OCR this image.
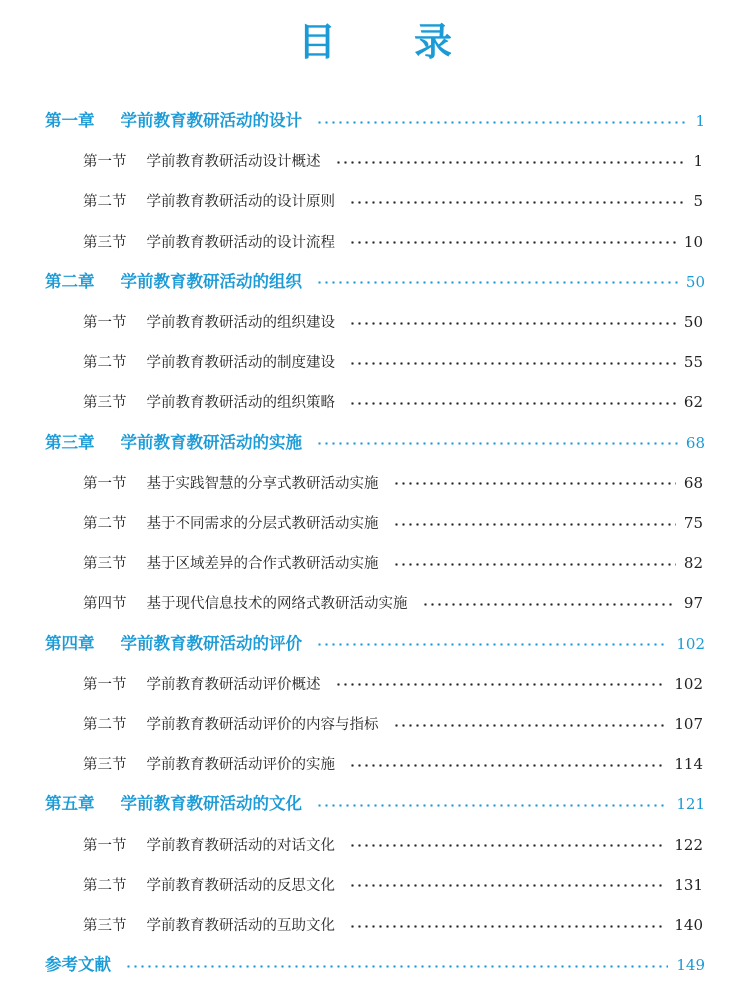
目录
第一章 学前教育教研活动的设计	1
第一节 学前教育教研活动设计概述	1
第二节 学前教育教研活动的设计原则	5
第三节 学前教育教研活动的设计流程	10
第二章 学前教育教研活动的组织	50
第一节 学前教育教研活动的组织建设	50
第二节 学前教育教研活动的制度建设	55
第三节 学前教育教研活动的组织策略	62
第三章 学前教育教研活动的实施	68
第一节 基于实践智慧的分享式教研活动实施	68
第二节 基于不同需求的分层式教研活动实施	75
第三节 基于区域差异的合作式教研活动实施	82
第四节 基于现代信息技术的网络式教研活动实施	97
第四章 学前教育教研活动的评价	102
第一节 学前教育教研活动评价概述	102
第二节 学前教育教研活动评价的内容与指标	107
第三节 学前教育教研活动评价的实施	114
第五章 学前教育教研活动的文化	121
第一节 学前教育教研活动的对话文化	122
第二节 学前教育教研活动的反思文化	131
第三节 学前教育教研活动的互助文化	140
参考文献	149
